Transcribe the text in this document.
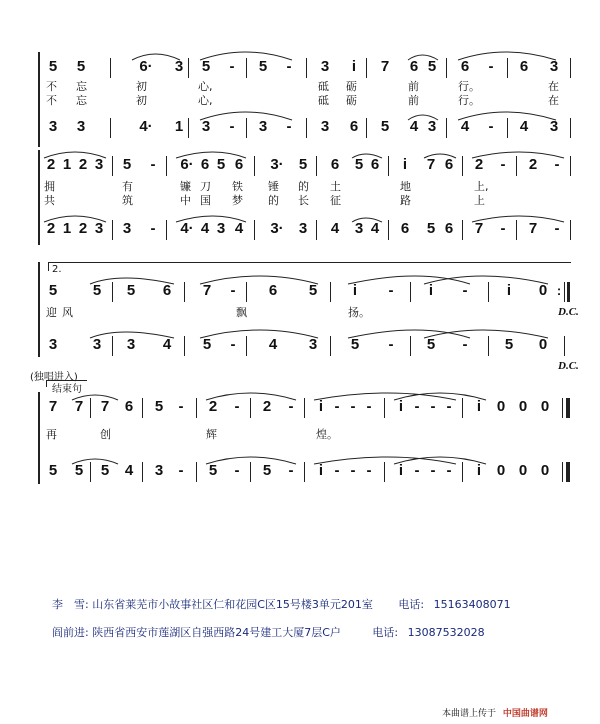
5 5	6·	3 5	-	5	-	3	i	7 6 5 6	-	6 3
不 忘	初	心,	砥 砺	前	行。	在
不 忘	初	心,	砥 砺	前	行。	在
3 3	4·	1 3	-	3	-	3 6 5 4 3 4	-	4 3
2 1 2 3 5	-	6· 6 5 6 3· 5 6 5 6	i	7 6 2	-	2	-
拥	有	镰 刀 铁 锤 的 土	地	上,
共	筑	中 国 梦 的 长 征	路	上
2 1 2 3 3	-	4· 4 3 4 3· 3 4 3 4 6 5 6 7	-	7	-
2.
5 5 5 6 7	-	6 5	i	-	i	-	i	0 :
D.C.
迎 风	飘	扬。
3 3 3 4 5	-	4 3 5	-	5	-	5 0
D.C.
(独唱进入)
结束句
7 7 7 6 5	-	2	-	2	-	i - - -	i - - -	i	0 0 0
再	创	辉	煌。
5 5 5 4 3	-	5	-	5	-	i - - -	i - - -	i	0 0 0
李　雪: 山东省莱芜市小故事社区仁和花园C区15号楼3单元201室 电话: 15163408071
阎前进: 陕西省西安市莲湖区自强西路24号建工大厦7层C户	电话: 13087532028
本曲谱上传于 中国曲谱网
